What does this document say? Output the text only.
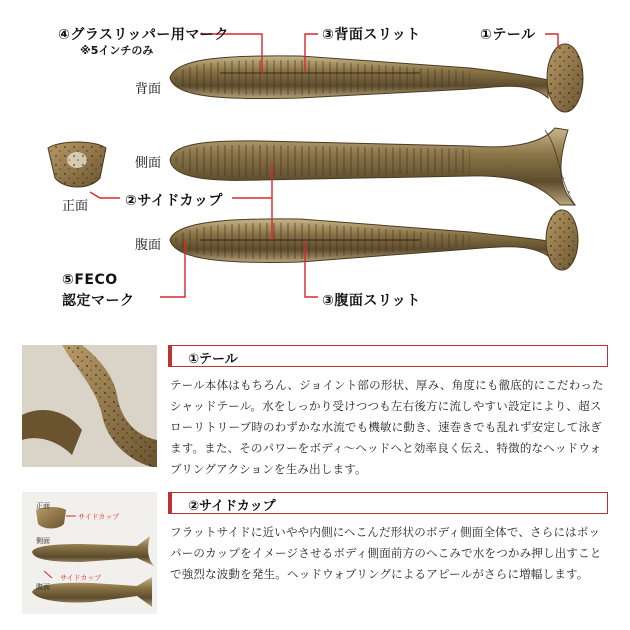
④グラスリッパー用マーク
※5インチのみ
③背面スリット	①テール
背面
側面
腹面
正面	②サイドカップ
⑤FECO
認定マーク	③腹面スリット
①テール
テール本体はもちろん、ジョイント部の形状、厚み、角度にも徹底的にこだわったシャッドテール。水をしっかり受けつつも左右後方に流しやすい設定により、超スローリトリーブ時のわずかな水流でも機敏に動き、速巻きでも乱れず安定して泳ぎます。また、そのパワーをボディ～ヘッドへと効率良く伝え、特徴的なヘッドウォブリングアクションを生み出します。
正面
サイドカップ
側面
サイドカップ
腹面
②サイドカップ
フラットサイドに近いやや内側にへこんだ形状のボディ側面全体で、さらにはポッパーのカップをイメージさせるボディ側面前方のへこみで水をつかみ押し出すことで強烈な波動を発生。ヘッドウォブリングによるアピールがさらに増幅します。
